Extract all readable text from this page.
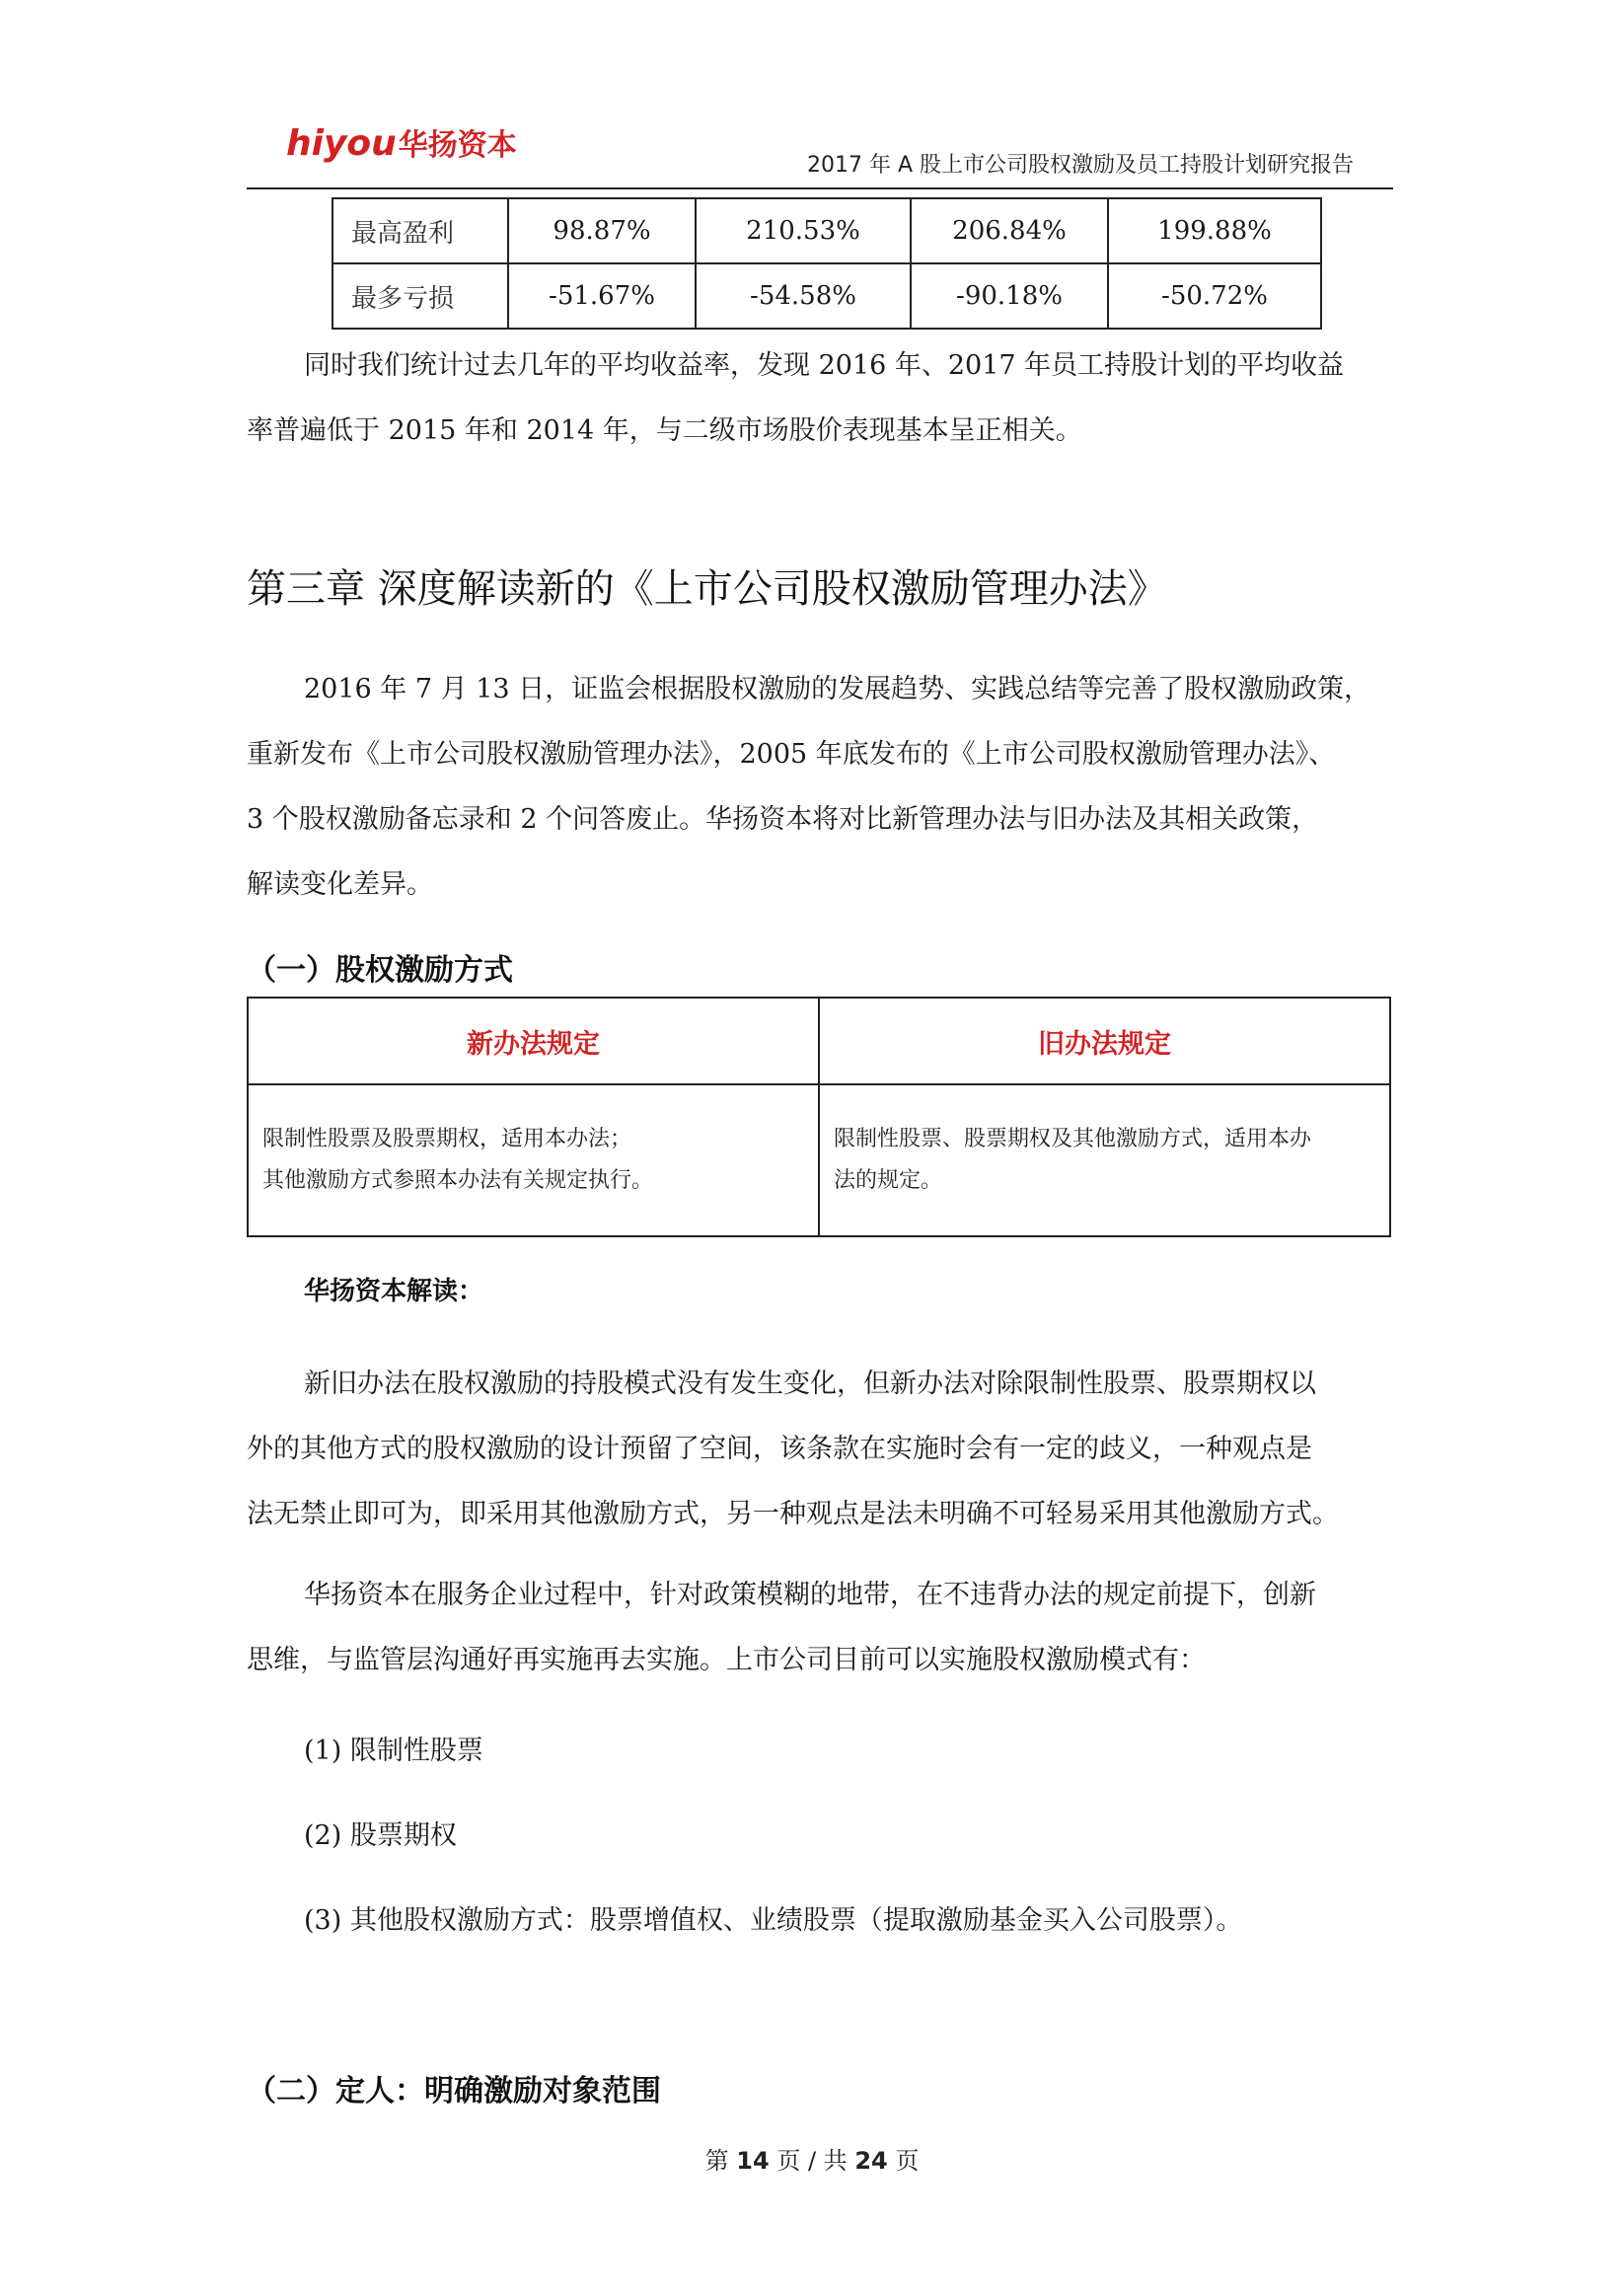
hiyou华扬资本
2017 年 A 股上市公司股权激励及员工持股计划研究报告
最高盈利	98.87%	210.53%	206.84%	199.88%
最多亏损	-51.67%	-54.58%	-90.18%	-50.72%
同时我们统计过去几年的平均收益率，发现 2016 年、2017 年员工持股计划的平均收益
率普遍低于 2015 年和 2014 年，与二级市场股价表现基本呈正相关。
第三章 深度解读新的《上市公司股权激励管理办法》
2016 年 7 月 13 日，证监会根据股权激励的发展趋势、实践总结等完善了股权激励政策，
重新发布《上市公司股权激励管理办法》，2005 年底发布的《上市公司股权激励管理办法》、
3 个股权激励备忘录和 2 个问答废止。华扬资本将对比新管理办法与旧办法及其相关政策，
解读变化差异。
（一）股权激励方式
新办法规定	旧办法规定

限制性股票及股票期权，适用本办法；
其他激励方式参照本办法有关规定执行。	限制性股票、股票期权及其他激励方式，适用本办
法的规定。
华扬资本解读：
新旧办法在股权激励的持股模式没有发生变化，但新办法对除限制性股票、股票期权以
外的其他方式的股权激励的设计预留了空间，该条款在实施时会有一定的歧义，一种观点是
法无禁止即可为，即采用其他激励方式，另一种观点是法未明确不可轻易采用其他激励方式。
华扬资本在服务企业过程中，针对政策模糊的地带，在不违背办法的规定前提下，创新
思维，与监管层沟通好再实施再去实施。上市公司目前可以实施股权激励模式有：
(1) 限制性股票
(2) 股票期权
(3) 其他股权激励方式：股票增值权、业绩股票（提取激励基金买入公司股票）。
（二）定人：明确激励对象范围
第 14 页 / 共 24 页
